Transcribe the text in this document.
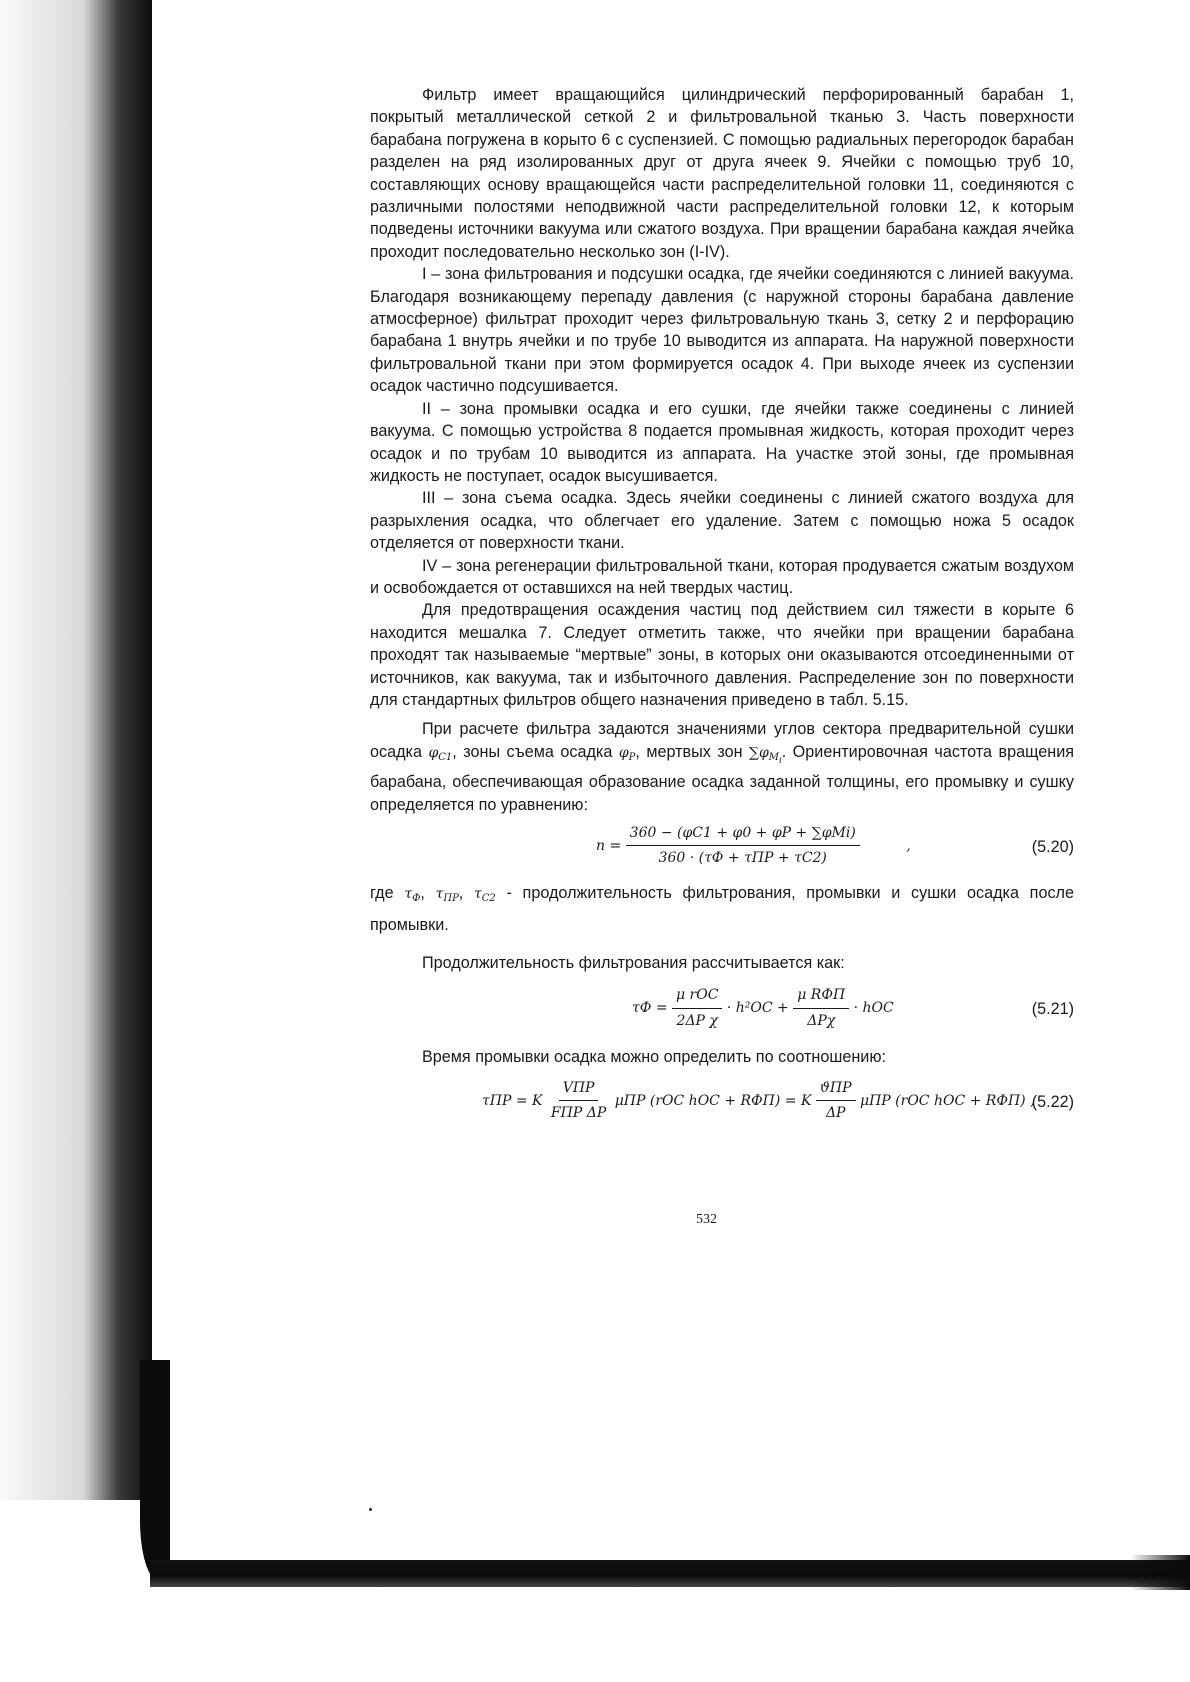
Фильтр имеет вращающийся цилиндрический перфорированный барабан 1, покрытый металлической сеткой 2 и фильтровальной тканью 3. Часть поверхности барабана погружена в корыто 6 с суспензией. С помощью радиальных перегородок барабан разделен на ряд изолированных друг от друга ячеек 9. Ячейки с помощью труб 10, составляющих основу вращающейся части распределительной головки 11, соединяются с различными полостями неподвижной части распределительной головки 12, к которым подведены источники вакуума или сжатого воздуха. При вращении барабана каждая ячейка проходит последовательно несколько зон (I-IV).

I – зона фильтрования и подсушки осадка, где ячейки соединяются с линией вакуума. Благодаря возникающему перепаду давления (с наружной стороны барабана давление атмосферное) фильтрат проходит через фильтровальную ткань 3, сетку 2 и перфорацию барабана 1 внутрь ячейки и по трубе 10 выводится из аппарата. На наружной поверхности фильтровальной ткани при этом формируется осадок 4. При выходе ячеек из суспензии осадок частично подсушивается.

II – зона промывки осадка и его сушки, где ячейки также соединены с линией вакуума. С помощью устройства 8 подается промывная жидкость, которая проходит через осадок и по трубам 10 выводится из аппарата. На участке этой зоны, где промывная жидкость не поступает, осадок высушивается.

III – зона съема осадка. Здесь ячейки соединены с линией сжатого воздуха для разрыхления осадка, что облегчает его удаление. Затем с помощью ножа 5 осадок отделяется от поверхности ткани.

IV – зона регенерации фильтровальной ткани, которая продувается сжатым воздухом и освобождается от оставшихся на ней твердых частиц.

Для предотвращения осаждения частиц под действием сил тяжести в корыте 6 находится мешалка 7. Следует отметить также, что ячейки при вращении барабана проходят так называемые “мертвые” зоны, в которых они оказываются отсоединенными от источников, как вакуума, так и избыточного давления. Распределение зон по поверхности для стандартных фильтров общего назначения приведено в табл. 5.15.

При расчете фильтра задаются значениями углов сектора предварительной сушки осадка $\varphi_{C1}$, зоны съема осадка $\varphi_P$, мертвых зон $\sum\varphi_{M_i}$. Ориентировочная частота вращения барабана, обеспечивающая образование осадка заданной толщины, его промывку и сушку определяется по уравнению:

$n = \frac{\text{360 − (φC1 + φ0 + φP + ∑φMi)}}{\text{360 · (τФ + τПР + τС2)}}$	,	(5.20)

где $\tau_Ф$, $\tau_{ПР}$, $\tau_{С2}$ - продолжительность фильтрования, промывки и сушки осадка после промывки.

Продолжительность фильтрования рассчитывается как:

$\tau Ф = \frac{\text{μ rОС}}{\text{2ΔP χ}} \cdot h^2ОС + \frac{\text{μ RФП}}{\text{ΔPχ}}$ · hОС	(5.21)

Время промывки осадка можно определить по соотношению:

τПР = K $\frac{\text{VПР}}{\text{FПР ΔP}}$ μПР (rОС hОС + RФП) = K $\frac{\text{ϑПР}}{\Delta P}$ μПР (rОС hОС + RФП) ,
(5.22)
532
